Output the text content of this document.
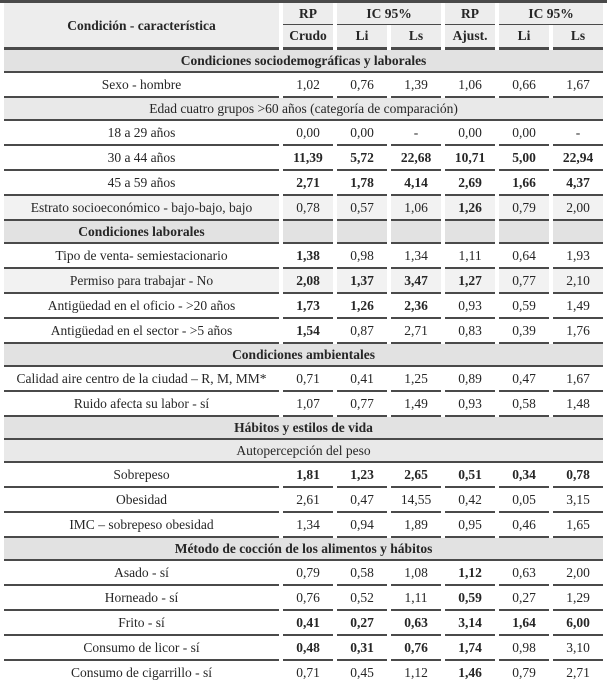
Condición - característica	RP	IC 95%		RP	IC 95%	
	Crudo	Li	Ls	Ajust.	Li	Ls
Condiciones sociodemográficas y laborales						
Sexo - hombre	1,02	0,76	1,39	1,06	0,66	1,67
Edad cuatro grupos >60 años (categoría de comparación)						
18 a 29 años	0,00	0,00	-	0,00	0,00	-
30 a 44 años	11,39	5,72	22,68	10,71	5,00	22,94
45 a 59 años	2,71	1,78	4,14	2,69	1,66	4,37
Estrato socioeconómico - bajo-bajo, bajo	0,78	0,57	1,06	1,26	0,79	2,00
Condiciones laborales						
Tipo de venta- semiestacionario	1,38	0,98	1,34	1,11	0,64	1,93
Permiso para trabajar - No	2,08	1,37	3,47	1,27	0,77	2,10
Antigüedad en el oficio - >20 años	1,73	1,26	2,36	0,93	0,59	1,49
Antigüedad en el sector - >5 años	1,54	0,87	2,71	0,83	0,39	1,76
Condiciones ambientales						
Calidad aire centro de la ciudad – R, M, MM*	0,71	0,41	1,25	0,89	0,47	1,67
Ruido afecta su labor - sí	1,07	0,77	1,49	0,93	0,58	1,48
Hábitos y estilos de vida						
Autopercepción del peso						
Sobrepeso	1,81	1,23	2,65	0,51	0,34	0,78
Obesidad	2,61	0,47	14,55	0,42	0,05	3,15
IMC – sobrepeso obesidad	1,34	0,94	1,89	0,95	0,46	1,65
Método de cocción de los alimentos y hábitos						
Asado - sí	0,79	0,58	1,08	1,12	0,63	2,00
Horneado - sí	0,76	0,52	1,11	0,59	0,27	1,29
Frito - sí	0,41	0,27	0,63	3,14	1,64	6,00
Consumo de licor - sí	0,48	0,31	0,76	1,74	0,98	3,10
Consumo de cigarrillo - sí	0,71	0,45	1,12	1,46	0,79	2,71
